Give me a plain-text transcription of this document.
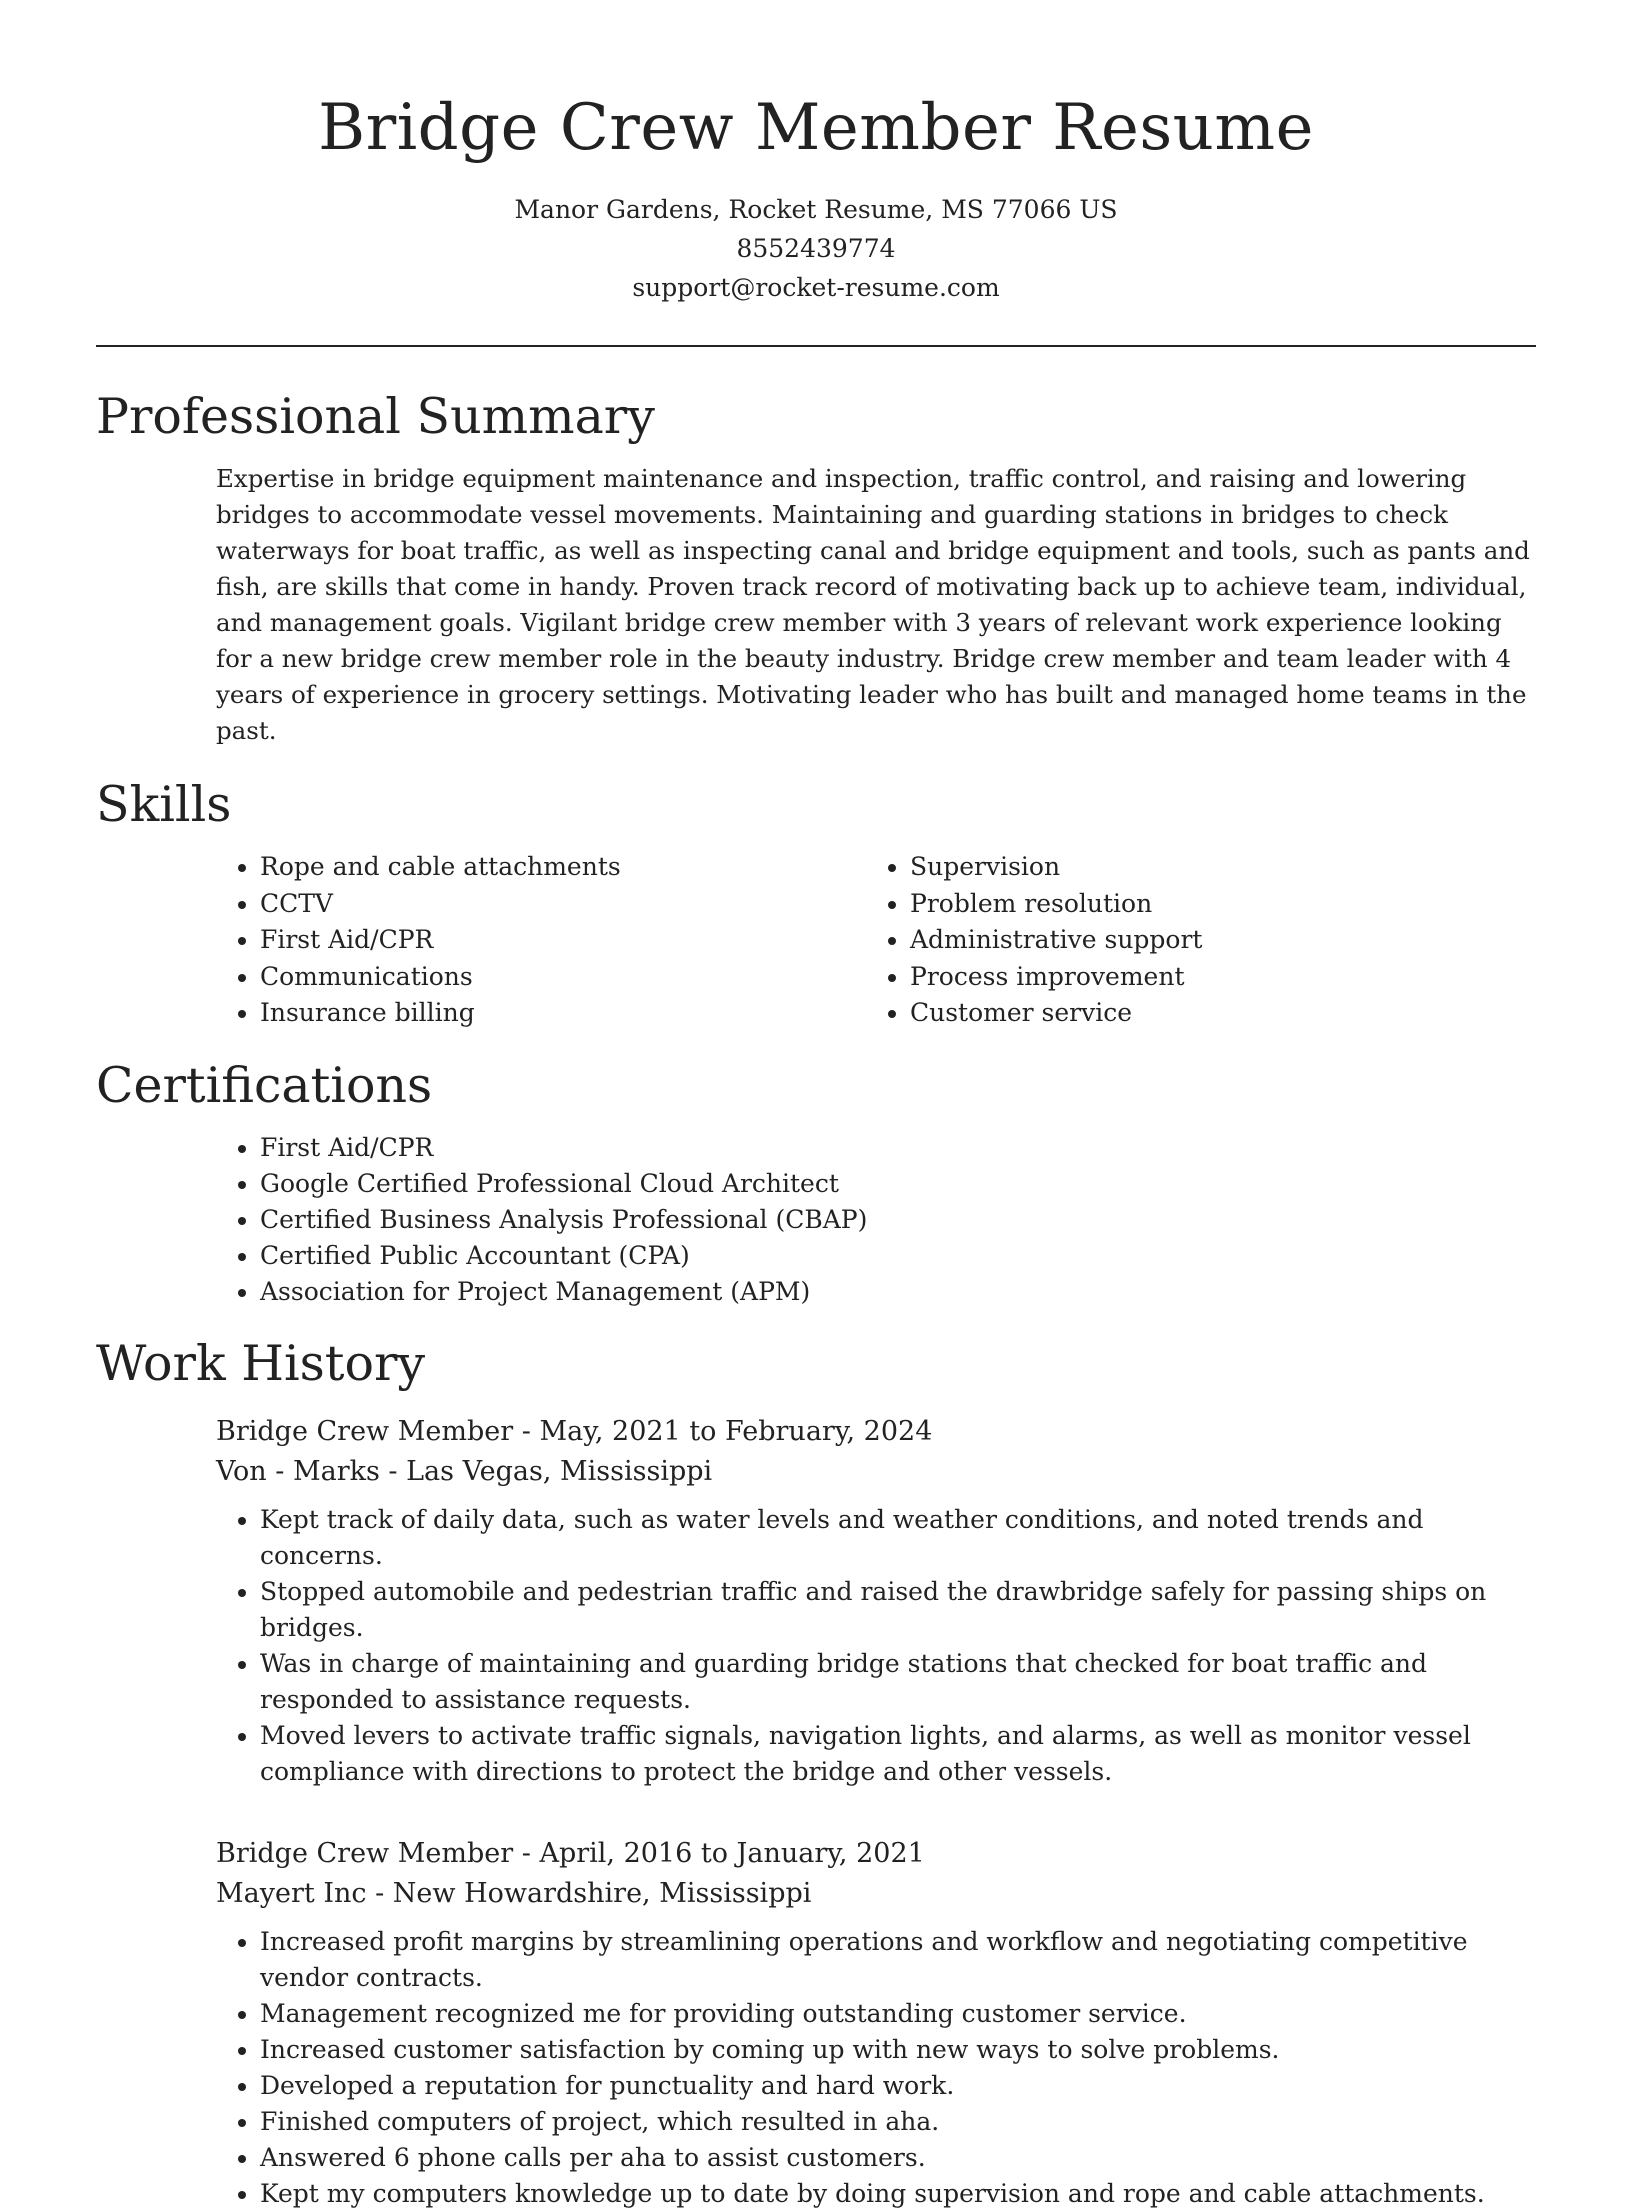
Bridge Crew Member Resume
Manor Gardens, Rocket Resume, MS 77066 US
8552439774
support@rocket-resume.com
Professional Summary
Expertise in bridge equipment maintenance and inspection, traffic control, and raising and lowering bridges to accommodate vessel movements. Maintaining and guarding stations in bridges to check waterways for boat traffic, as well as inspecting canal and bridge equipment and tools, such as pants and fish, are skills that come in handy. Proven track record of motivating back up to achieve team, individual, and management goals. Vigilant bridge crew member with 3 years of relevant work experience looking for a new bridge crew member role in the beauty industry. Bridge crew member and team leader with 4 years of experience in grocery settings. Motivating leader who has built and managed home teams in the past.
Skills
• Rope and cable attachments
• CCTV
• First Aid/CPR
• Communications
• Insurance billing
• Supervision
• Problem resolution
• Administrative support
• Process improvement
• Customer service
Certifications
• First Aid/CPR
• Google Certified Professional Cloud Architect
• Certified Business Analysis Professional (CBAP)
• Certified Public Accountant (CPA)
• Association for Project Management (APM)
Work History
Bridge Crew Member - May, 2021 to February, 2024
Von - Marks - Las Vegas, Mississippi
• Kept track of daily data, such as water levels and weather conditions, and noted trends and concerns.
• Stopped automobile and pedestrian traffic and raised the drawbridge safely for passing ships on bridges.
• Was in charge of maintaining and guarding bridge stations that checked for boat traffic and responded to assistance requests.
• Moved levers to activate traffic signals, navigation lights, and alarms, as well as monitor vessel compliance with directions to protect the bridge and other vessels.
Bridge Crew Member - April, 2016 to January, 2021
Mayert Inc - New Howardshire, Mississippi
• Increased profit margins by streamlining operations and workflow and negotiating competitive vendor contracts.
• Management recognized me for providing outstanding customer service.
• Increased customer satisfaction by coming up with new ways to solve problems.
• Developed a reputation for punctuality and hard work.
• Finished computers of project, which resulted in aha.
• Answered 6 phone calls per aha to assist customers.
• Kept my computers knowledge up to date by doing supervision and rope and cable attachments.
